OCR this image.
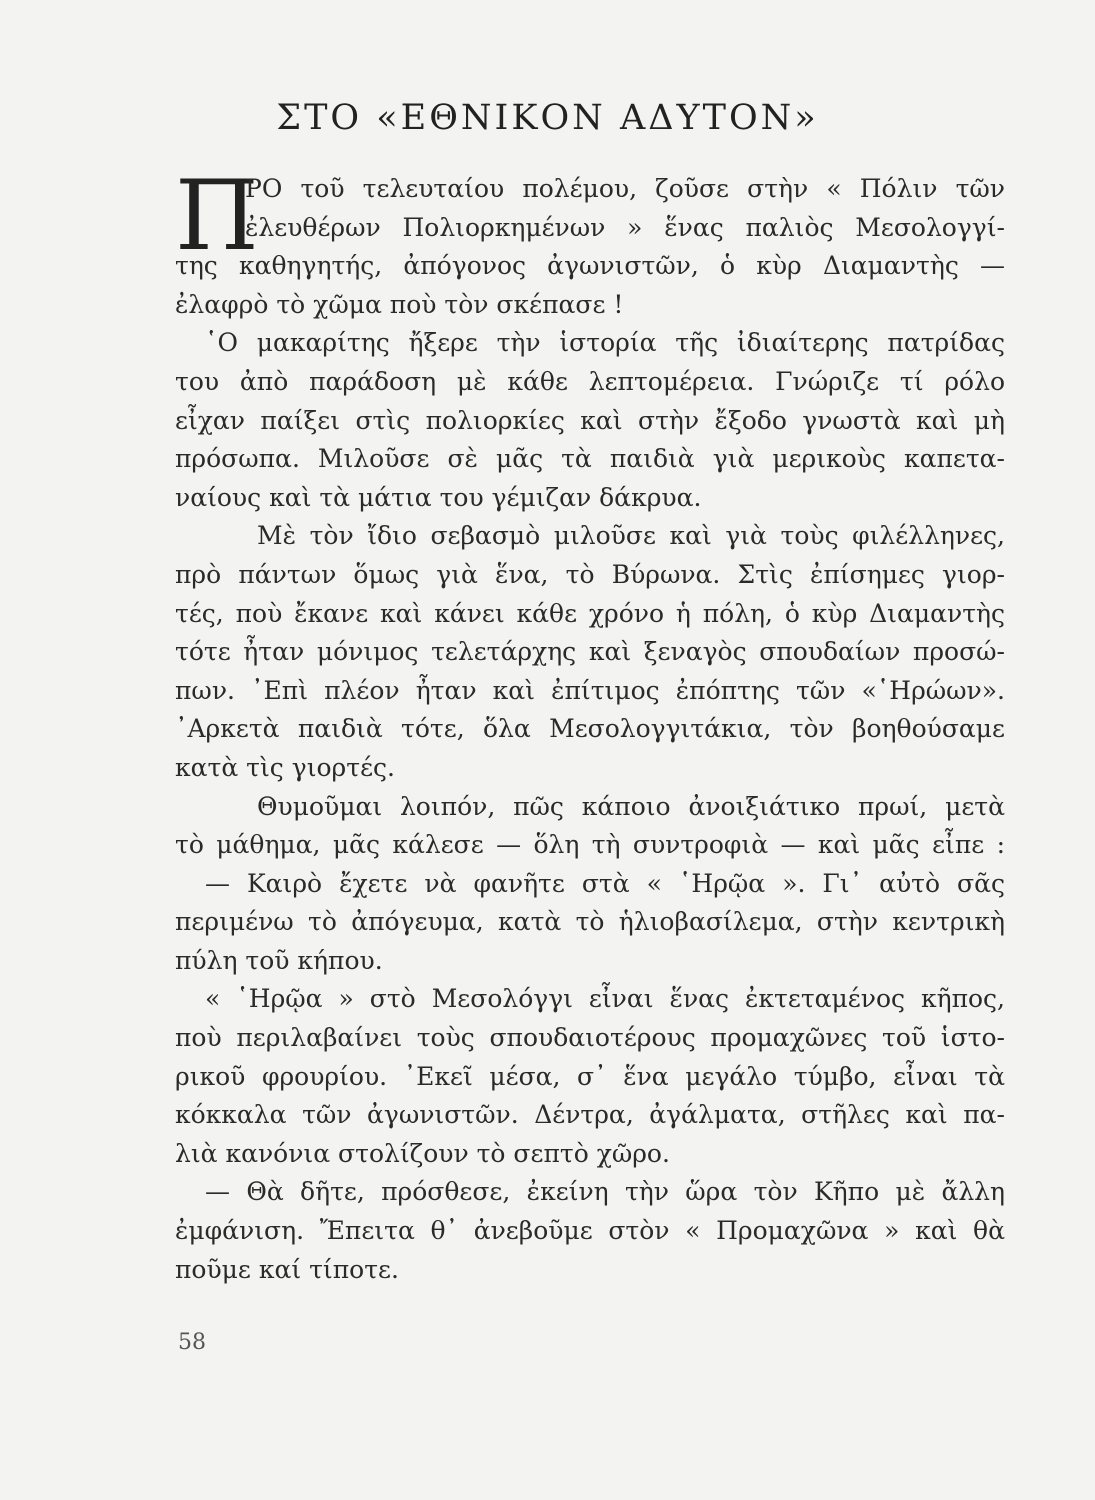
ΣΤΟ «ΕΘΝΙΚΟΝ ΑΔΥΤΟΝ»
Π
ΡΟ τοῦ τελευταίου πολέμου, ζοῦσε στὴν « Πόλιν τῶν
ἐλευθέρων Πολιορκημένων » ἕνας παλιὸς Μεσολογγί-
της καθηγητής, ἀπόγονος ἀγωνιστῶν, ὁ κὺρ Διαμαντὴς —
ἐλαφρὸ τὸ χῶμα ποὺ τὸν σκέπασε !
῾Ο μακαρίτης ἤξερε τὴν ἱστορία τῆς ἰδιαίτερης πατρίδας
του ἀπὸ παράδοση μὲ κάθε λεπτομέρεια. Γνώριζε τί ρόλο
εἶχαν παίξει στὶς πολιορκίες καὶ στὴν ἔξοδο γνωστὰ καὶ μὴ
πρόσωπα. Μιλοῦσε σὲ μᾶς τὰ παιδιὰ γιὰ μερικοὺς καπετα-
ναίους καὶ τὰ μάτια του γέμιζαν δάκρυα.
Μὲ τὸν ἴδιο σεβασμὸ μιλοῦσε καὶ γιὰ τοὺς φιλέλληνες,
πρὸ πάντων ὅμως γιὰ ἕνα, τὸ Βύρωνα. Στὶς ἐπίσημες γιορ-
τές, ποὺ ἔκανε καὶ κάνει κάθε χρόνο ἡ πόλη, ὁ κὺρ Διαμαντὴς
τότε ἦταν μόνιμος τελετάρχης καὶ ξεναγὸς σπουδαίων προσώ-
πων. ᾿Επὶ πλέον ἦταν καὶ ἐπίτιμος ἐπόπτης τῶν «῾Ηρώων».
᾿Αρκετὰ παιδιὰ τότε, ὅλα Μεσολογγιτάκια, τὸν βοηθούσαμε
κατὰ τὶς γιορτές.
Θυμοῦμαι λοιπόν, πῶς κάποιο ἀνοιξιάτικο πρωί, μετὰ
τὸ μάθημα, μᾶς κάλεσε — ὅλη τὴ συντροφιὰ — καὶ μᾶς εἶπε :
— Καιρὸ ἔχετε νὰ φανῆτε στὰ « ῾Ηρῷα ». Γι᾿ αὐτὸ σᾶς
περιμένω τὸ ἀπόγευμα, κατὰ τὸ ἡλιοβασίλεμα, στὴν κεντρικὴ
πύλη τοῦ κήπου.
« ῾Ηρῷα » στὸ Μεσολόγγι εἶναι ἕνας ἐκτεταμένος κῆπος,
ποὺ περιλαβαίνει τοὺς σπουδαιοτέρους προμαχῶνες τοῦ ἱστο-
ρικοῦ φρουρίου. ᾿Εκεῖ μέσα, σ᾿ ἕνα μεγάλο τύμβο, εἶναι τὰ
κόκκαλα τῶν ἀγωνιστῶν. Δέντρα, ἀγάλματα, στῆλες καὶ πα-
λιὰ κανόνια στολίζουν τὸ σεπτὸ χῶρο.
— Θὰ δῆτε, πρόσθεσε, ἐκείνη τὴν ὥρα τὸν Κῆπο μὲ ἄλλη
ἐμφάνιση. Ἔπειτα θ᾿ ἀνεβοῦμε στὸν « Προμαχῶνα » καὶ θὰ
ποῦμε καί τίποτε.
58
